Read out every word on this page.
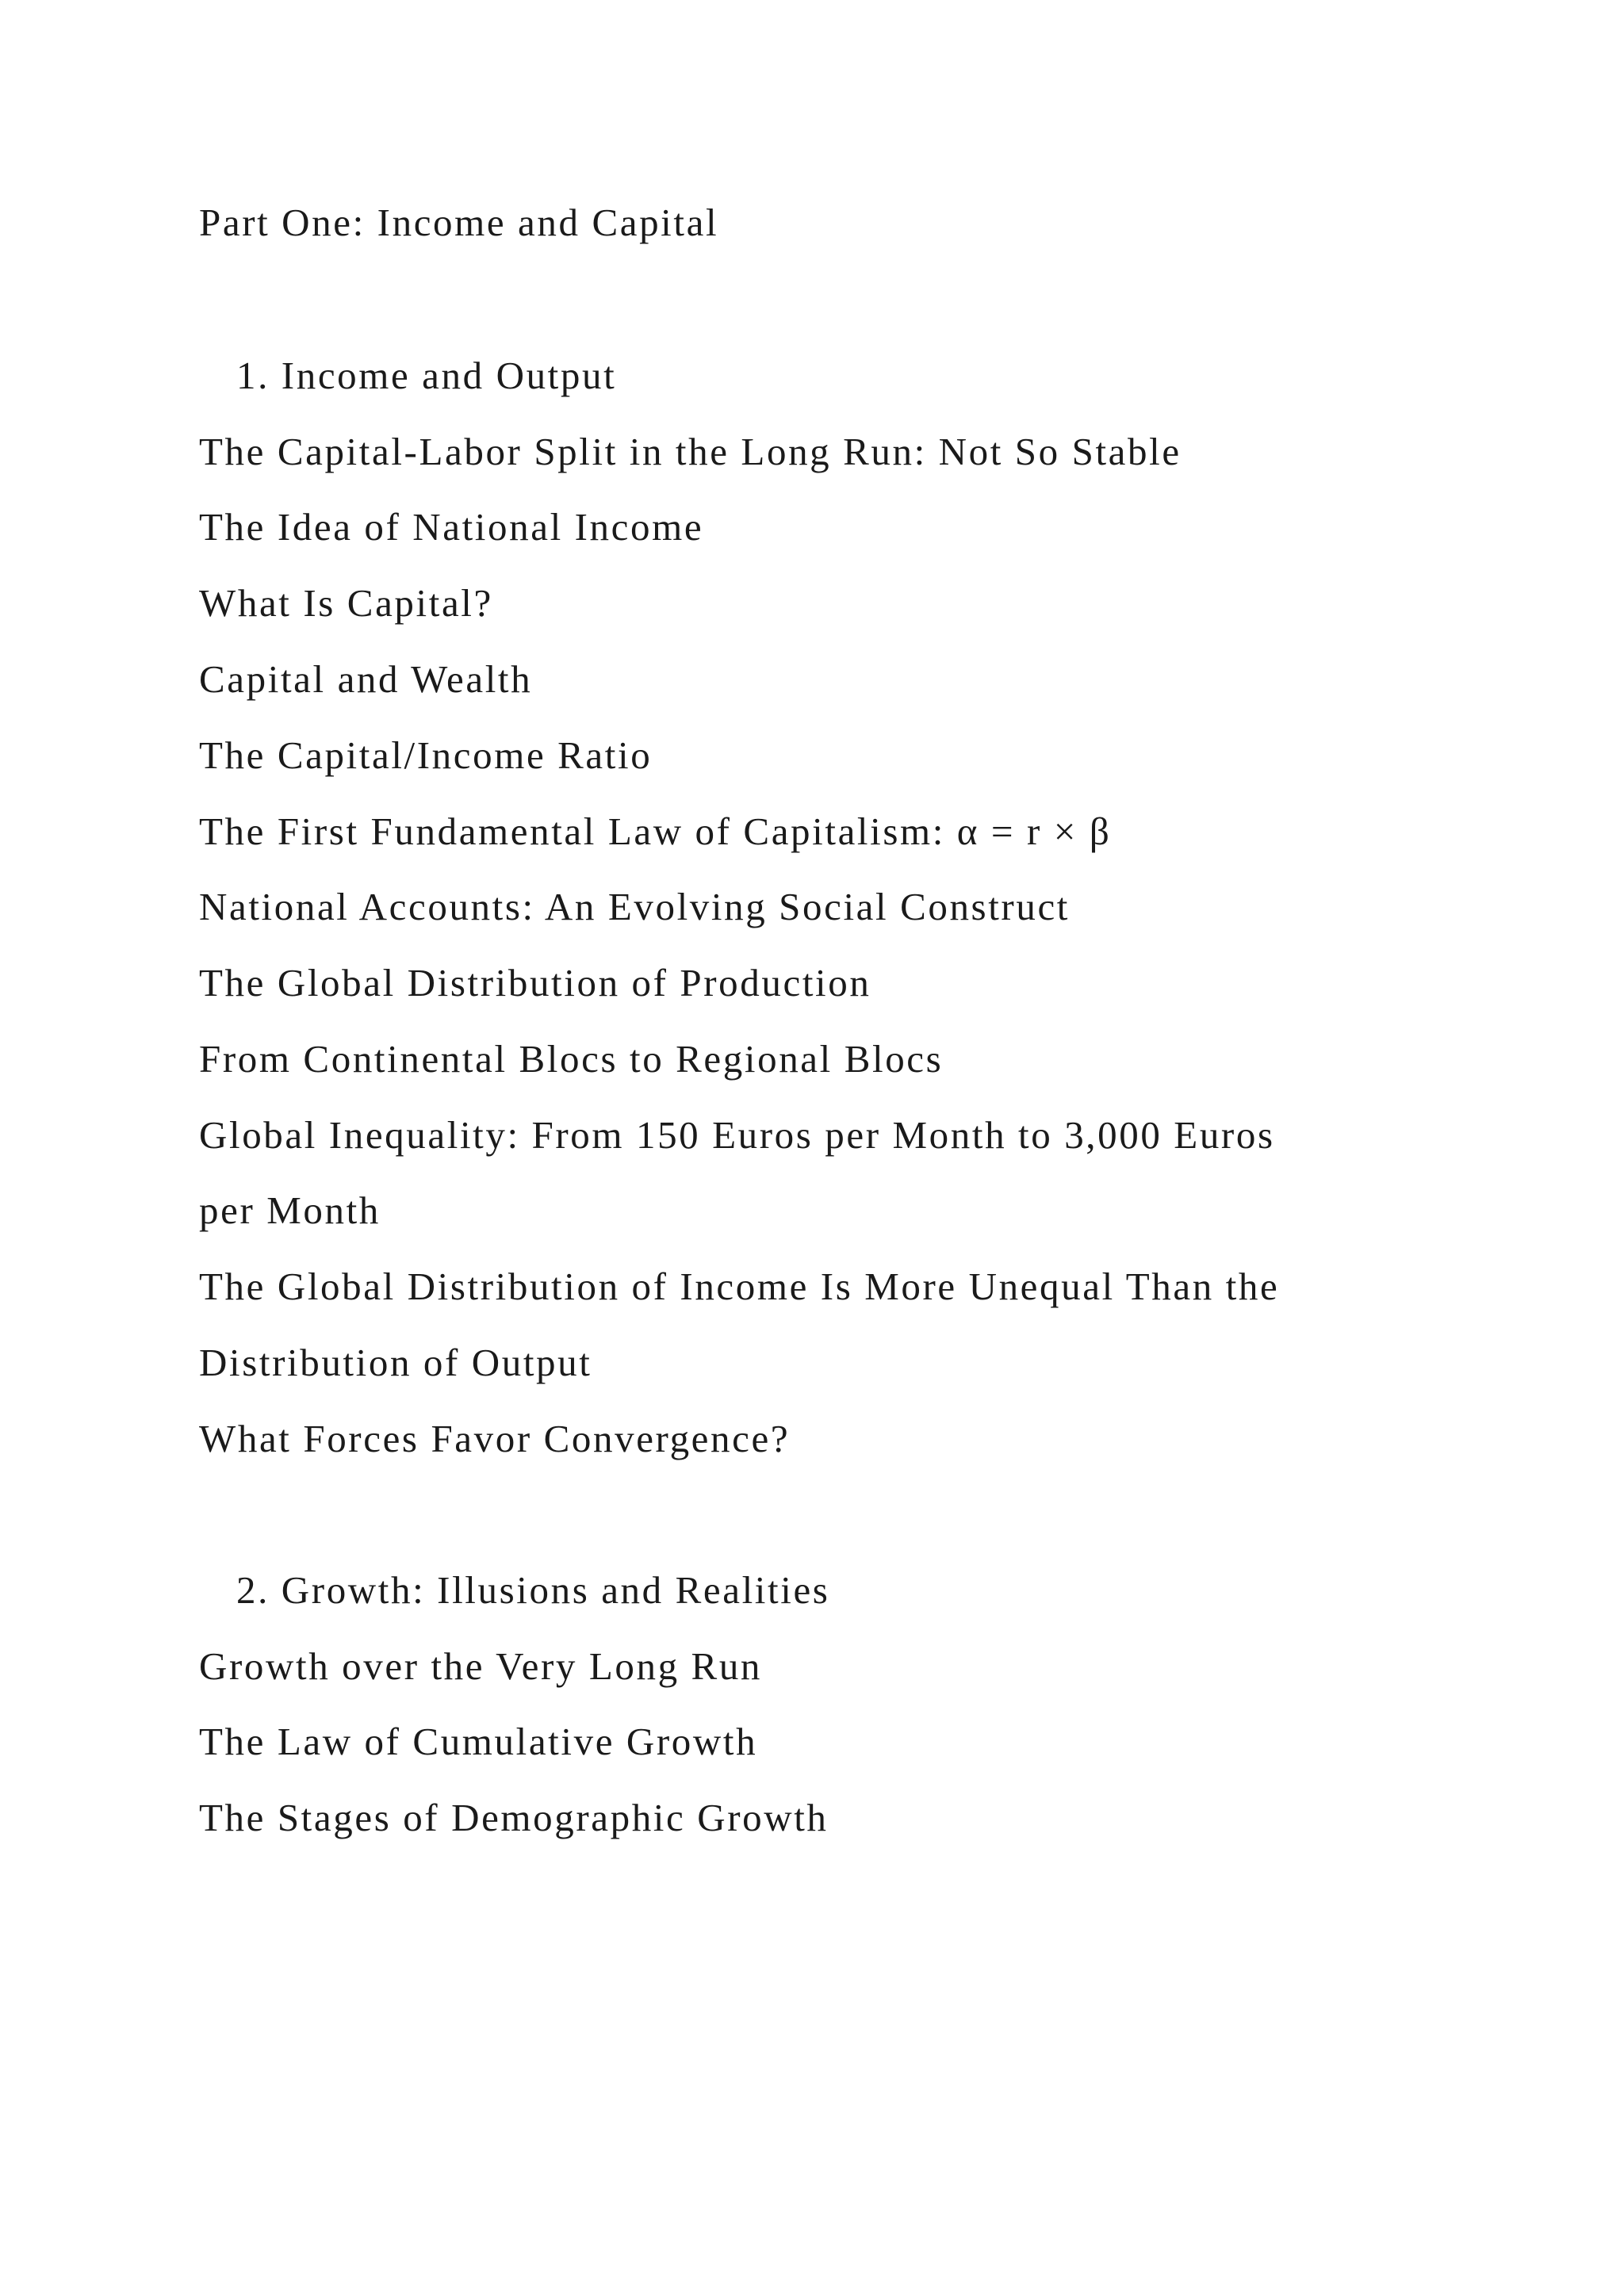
Part One: Income and Capital

1. Income and Output

The Capital-Labor Split in the Long Run: Not So Stable

The Idea of National Income

What Is Capital?

Capital and Wealth

The Capital/Income Ratio

The First Fundamental Law of Capitalism: α = r × β

National Accounts: An Evolving Social Construct

The Global Distribution of Production

From Continental Blocs to Regional Blocs

Global Inequality: From 150 Euros per Month to 3,000 Euros

per Month

The Global Distribution of Income Is More Unequal Than the

Distribution of Output

What Forces Favor Convergence?

2. Growth: Illusions and Realities

Growth over the Very Long Run

The Law of Cumulative Growth

The Stages of Demographic Growth
